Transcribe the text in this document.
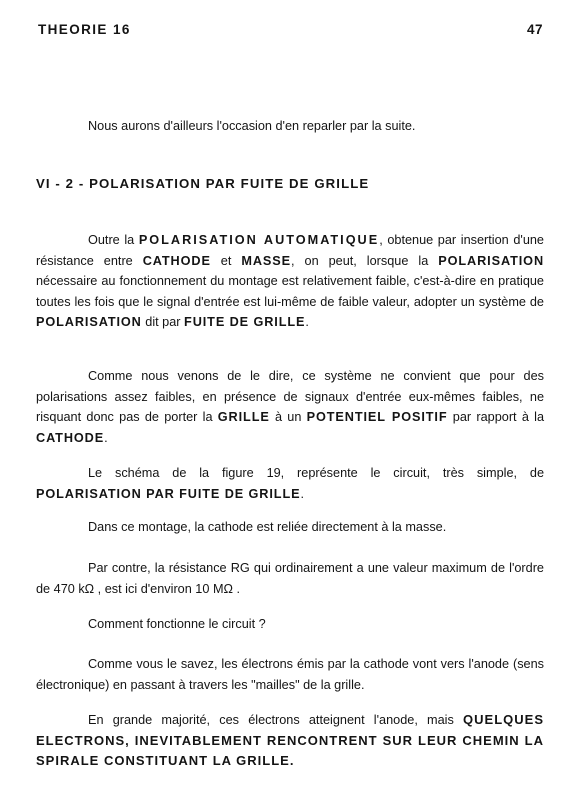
THEORIE 16	47

Nous aurons d'ailleurs l'occasion d'en reparler par la suite.

VI - 2 - POLARISATION PAR FUITE DE GRILLE

Outre la POLARISATION AUTOMATIQUE, obtenue par insertion d'une résistance entre CATHODE et MASSE, on peut, lorsque la POLARISATION nécessaire au fonctionnement du montage est relativement faible, c'est-à-dire en pratique toutes les fois que le signal d'entrée est lui-même de faible valeur, adopter un système de POLARISATION dit par FUITE DE GRILLE.

Comme nous venons de le dire, ce système ne convient que pour des polarisations assez faibles, en présence de signaux d'entrée eux-mêmes faibles, ne risquant donc pas de porter la GRILLE à un POTENTIEL POSITIF par rapport à la CATHODE.

Le schéma de la figure 19, représente le circuit, très simple, de POLARISATION PAR FUITE DE GRILLE.

Dans ce montage, la cathode est reliée directement à la masse.

Par contre, la résistance RG qui ordinairement a une valeur maximum de l'ordre de 470 kΩ , est ici d'environ 10 MΩ .

Comment fonctionne le circuit ?

Comme vous le savez, les électrons émis par la cathode vont vers l'anode (sens électronique) en passant à travers les "mailles" de la grille.

En grande majorité, ces électrons atteignent l'anode, mais QUELQUES ELECTRONS, INEVITABLEMENT RENCONTRENT SUR LEUR CHEMIN LA SPIRALE CONSTITUANT LA GRILLE.
